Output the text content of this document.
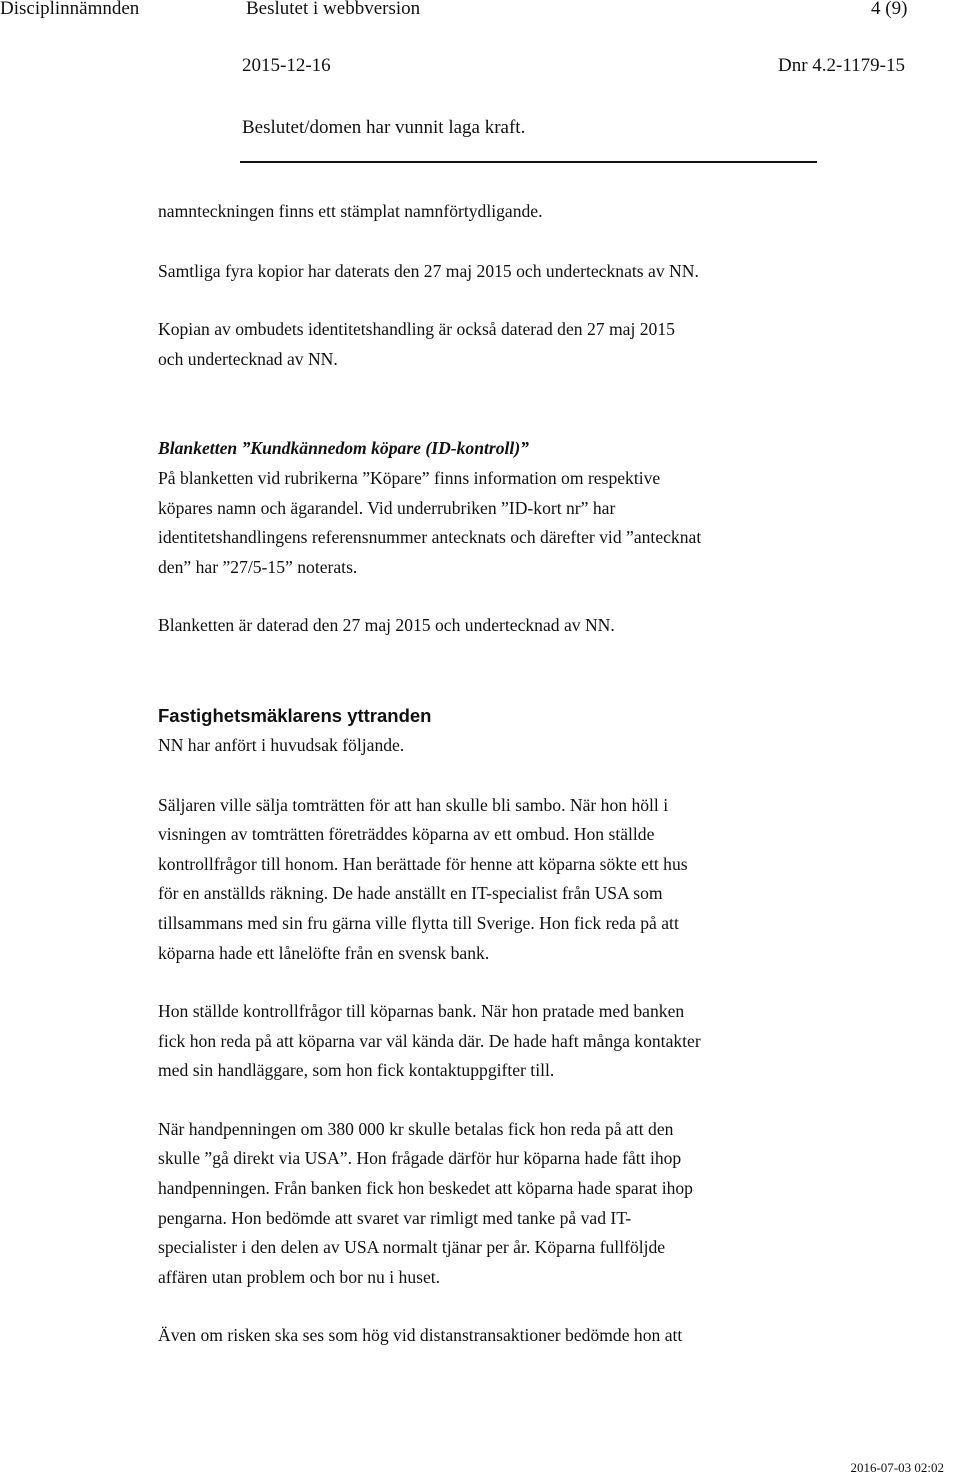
Disciplinnämnden	Beslutet i webbversion	4 (9)
2015-12-16	Dnr 4.2-1179-15
Beslutet/domen har vunnit laga kraft.

namnteckningen finns ett stämplat namnförtydligande.

Samtliga fyra kopior har daterats den 27 maj 2015 och undertecknats av NN.

Kopian av ombudets identitetshandling är också daterad den 27 maj 2015

och undertecknad av NN.

Blanketten ”Kundkännedom köpare (ID-kontroll)”

På blanketten vid rubrikerna ”Köpare” finns information om respektive

köpares namn och ägarandel. Vid underrubriken ”ID-kort nr” har

identitetshandlingens referensnummer antecknats och därefter vid ”antecknat

den” har ”27/5-15” noterats.

Blanketten är daterad den 27 maj 2015 och undertecknad av NN.

Fastighetsmäklarens yttranden

NN har anfört i huvudsak följande.

Säljaren ville sälja tomträtten för att han skulle bli sambo. När hon höll i

visningen av tomträtten företräddes köparna av ett ombud. Hon ställde

kontrollfrågor till honom. Han berättade för henne att köparna sökte ett hus

för en anställds räkning. De hade anställt en IT-specialist från USA som

tillsammans med sin fru gärna ville flytta till Sverige. Hon fick reda på att

köparna hade ett lånelöfte från en svensk bank.

Hon ställde kontrollfrågor till köparnas bank. När hon pratade med banken

fick hon reda på att köparna var väl kända där. De hade haft många kontakter

med sin handläggare, som hon fick kontaktuppgifter till.

När handpenningen om 380 000 kr skulle betalas fick hon reda på att den

skulle ”gå direkt via USA”. Hon frågade därför hur köparna hade fått ihop

handpenningen. Från banken fick hon beskedet att köparna hade sparat ihop

pengarna. Hon bedömde att svaret var rimligt med tanke på vad IT-

specialister i den delen av USA normalt tjänar per år. Köparna fullföljde

affären utan problem och bor nu i huset.

Även om risken ska ses som hög vid distanstransaktioner bedömde hon att

2016-07-03 02:02
